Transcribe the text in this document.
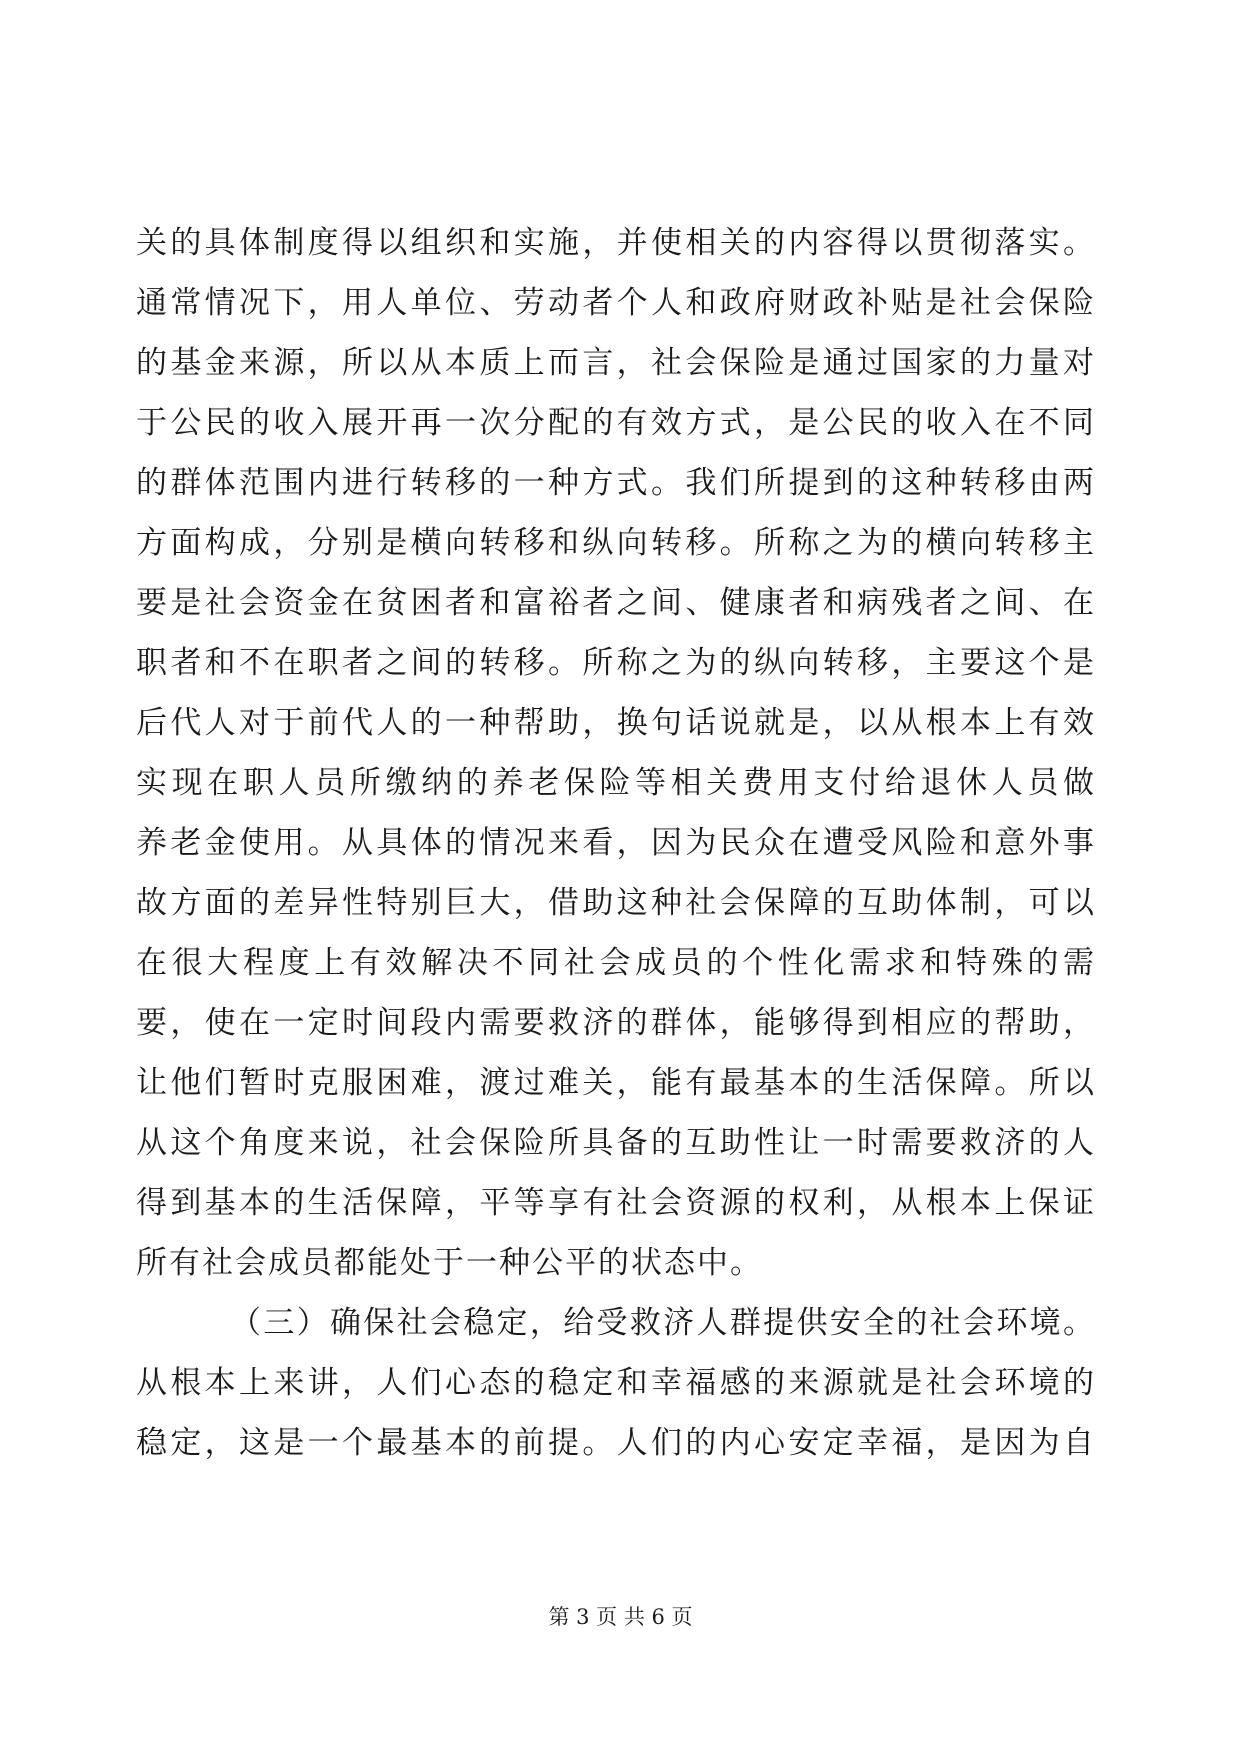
关的具体制度得以组织和实施，并使相关的内容得以贯彻落实。
通常情况下，用人单位、劳动者个人和政府财政补贴是社会保险
的基金来源，所以从本质上而言，社会保险是通过国家的力量对
于公民的收入展开再一次分配的有效方式，是公民的收入在不同
的群体范围内进行转移的一种方式。我们所提到的这种转移由两
方面构成，分别是横向转移和纵向转移。所称之为的横向转移主
要是社会资金在贫困者和富裕者之间、健康者和病残者之间、在
职者和不在职者之间的转移。所称之为的纵向转移，主要这个是
后代人对于前代人的一种帮助，换句话说就是，以从根本上有效
实现在职人员所缴纳的养老保险等相关费用支付给退休人员做
养老金使用。从具体的情况来看，因为民众在遭受风险和意外事
故方面的差异性特别巨大，借助这种社会保障的互助体制，可以
在很大程度上有效解决不同社会成员的个性化需求和特殊的需
要，使在一定时间段内需要救济的群体，能够得到相应的帮助，
让他们暂时克服困难，渡过难关，能有最基本的生活保障。所以
从这个角度来说，社会保险所具备的互助性让一时需要救济的人
得到基本的生活保障，平等享有社会资源的权利，从根本上保证
所有社会成员都能处于一种公平的状态中。
（三）确保社会稳定，给受救济人群提供安全的社会环境。
从根本上来讲，人们心态的稳定和幸福感的来源就是社会环境的
稳定，这是一个最基本的前提。人们的内心安定幸福，是因为自
第 3 页 共 6 页
